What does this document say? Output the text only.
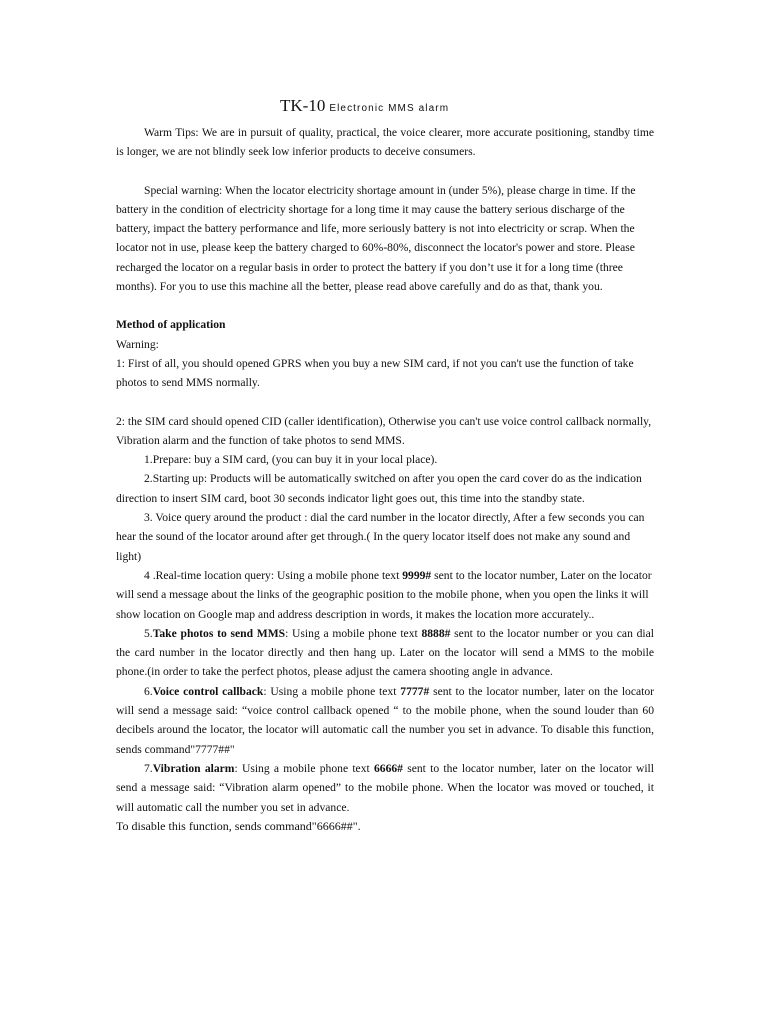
TK-10 Electronic MMS alarm

Warm Tips: We are in pursuit of quality, practical, the voice clearer, more accurate positioning, standby time is longer, we are not blindly seek low inferior products to deceive consumers.

Special warning: When the locator electricity shortage amount in (under 5%), please charge in time. If the battery in the condition of electricity shortage for a long time it may cause the battery serious discharge of the battery, impact the battery performance and life, more seriously battery is not into electricity or scrap. When the locator not in use, please keep the battery charged to 60%-80%, disconnect the locator's power and store. Please recharged the locator on a regular basis in order to protect the battery if you don’t use it for a long time (three months). For you to use this machine all the better, please read above carefully and do as that, thank you.

Method of application

Warning:

1: First of all, you should opened GPRS when you buy a new SIM card, if not you can't use the function of take photos to send MMS normally.

2: the SIM card should opened CID (caller identification), Otherwise you can't use voice control callback normally, Vibration alarm and the function of take photos to send MMS.

1.Prepare: buy a SIM card, (you can buy it in your local place).

2.Starting up: Products will be automatically switched on after you open the card cover do as the indication direction to insert SIM card, boot 30 seconds indicator light goes out, this time into the standby state.

3. Voice query around the product : dial the card number in the locator directly, After a few seconds you can hear the sound of the locator around after get through.( In the query locator itself does not make any sound and light)

4 .Real-time location query: Using a mobile phone text 9999# sent to the locator number, Later on the locator will send a message about the links of the geographic position to the mobile phone, when you open the links it will show location on Google map and address description in words, it makes the location more accurately..

5.Take photos to send MMS: Using a mobile phone text 8888# sent to the locator number or you can dial the card number in the locator directly and then hang up. Later on the locator will send a MMS to the mobile phone.(in order to take the perfect photos, please adjust the camera shooting angle in advance.

6.Voice control callback: Using a mobile phone text 7777# sent to the locator number, later on the locator will send a message said: “voice control callback opened “ to the mobile phone, when the sound louder than 60 decibels around the locator, the locator will automatic call the number you set in advance. To disable this function, sends command"7777##"

7.Vibration alarm: Using a mobile phone text 6666# sent to the locator number, later on the locator will send a message said: “Vibration alarm opened” to the mobile phone. When the locator was moved or touched, it will automatic call the number you set in advance.

To disable this function, sends command"6666##".
